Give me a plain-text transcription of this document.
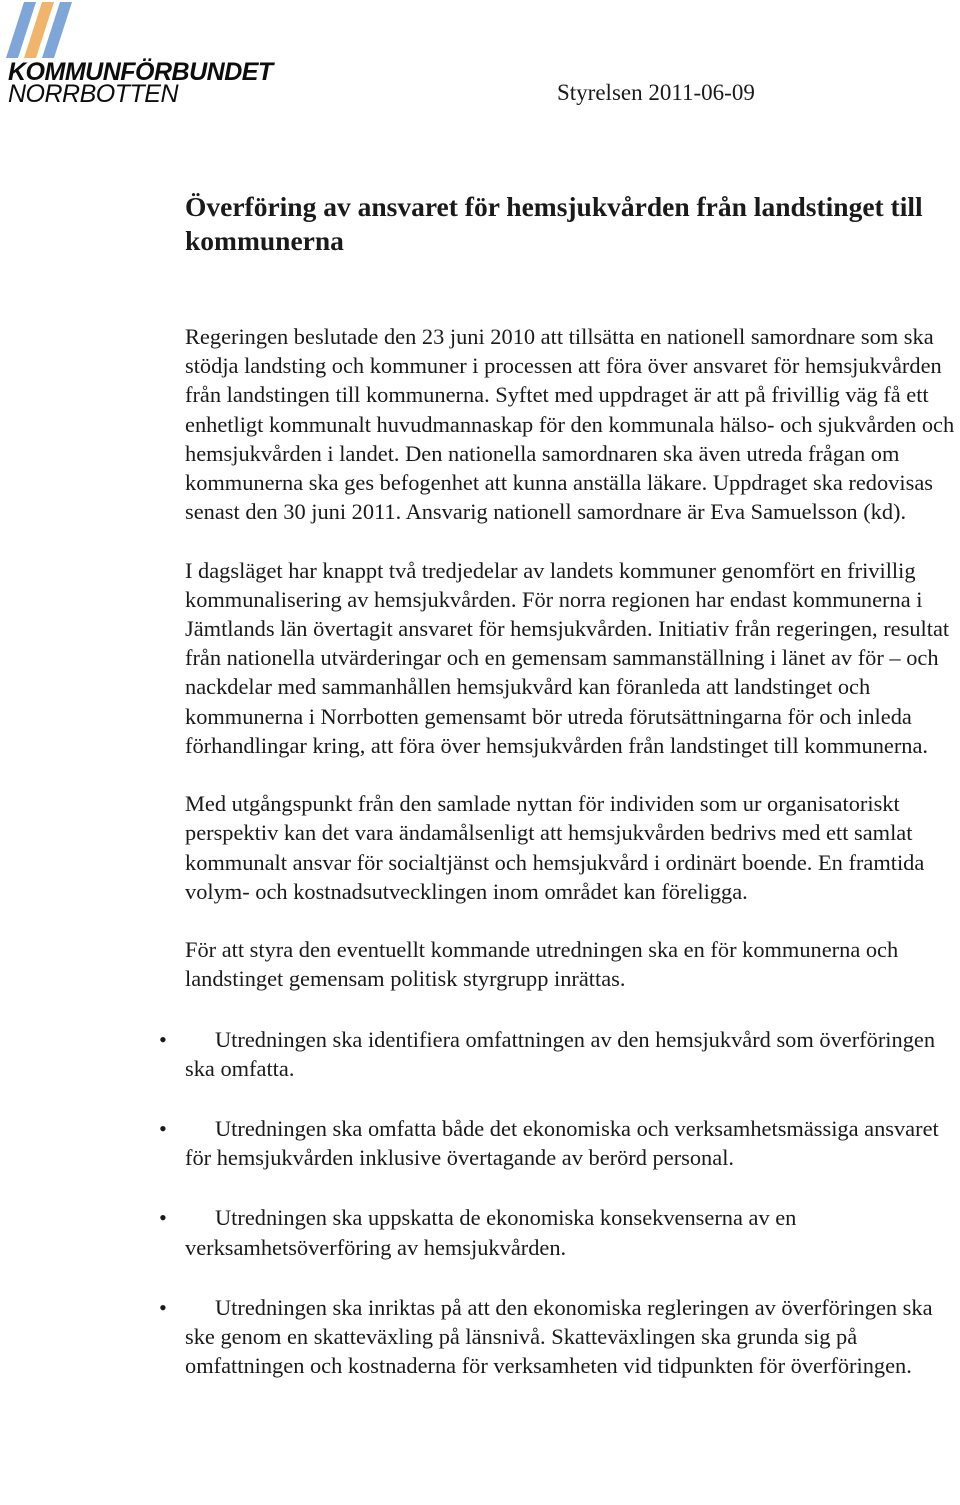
KOMMUNFÖRBUNDET
NORRBOTTEN	Styrelsen 2011-06-09
Överföring av ansvaret för hemsjukvården från landstinget till kommunerna

Regeringen beslutade den 23 juni 2010 att tillsätta en nationell samordnare som ska stödja landsting och kommuner i processen att föra över ansvaret för hemsjukvården från landstingen till kommunerna. Syftet med uppdraget är att på frivillig väg få ett enhetligt kommunalt huvudmannaskap för den kommunala hälso- och sjukvården och hemsjukvården i landet. Den nationella samordnaren ska även utreda frågan om kommunerna ska ges befogenhet att kunna anställa läkare. Uppdraget ska redovisas senast den 30 juni 2011. Ansvarig nationell samordnare är Eva Samuelsson (kd).

I dagsläget har knappt två tredjedelar av landets kommuner genomfört en frivillig kommunalisering av hemsjukvården. För norra regionen har endast kommunerna i Jämtlands län övertagit ansvaret för hemsjukvården. Initiativ från regeringen, resultat från nationella utvärderingar och en gemensam sammanställning i länet av för – och nackdelar med sammanhållen hemsjukvård kan föranleda att landstinget och kommunerna i Norrbotten gemensamt bör utreda förutsättningarna för och inleda förhandlingar kring, att föra över hemsjukvården från landstinget till kommunerna.

Med utgångspunkt från den samlade nyttan för individen som ur organisatoriskt perspektiv kan det vara ändamålsenligt att hemsjukvården bedrivs med ett samlat kommunalt ansvar för socialtjänst och hemsjukvård i ordinärt boende. En framtida volym- och kostnadsutvecklingen inom området kan föreligga.

För att styra den eventuellt kommande utredningen ska en för kommunerna och landstinget gemensam politisk styrgrupp inrättas.

• Utredningen ska identifiera omfattningen av den hemsjukvård som överföringen ska omfatta.
• Utredningen ska omfatta både det ekonomiska och verksamhetsmässiga ansvaret för hemsjukvården inklusive övertagande av berörd personal.
• Utredningen ska uppskatta de ekonomiska konsekvenserna av en verksamhetsöverföring av hemsjukvården.
• Utredningen ska inriktas på att den ekonomiska regleringen av överföringen ska ske genom en skatteväxling på länsnivå. Skatteväxlingen ska grunda sig på omfattningen och kostnaderna för verksamheten vid tidpunkten för överföringen.
